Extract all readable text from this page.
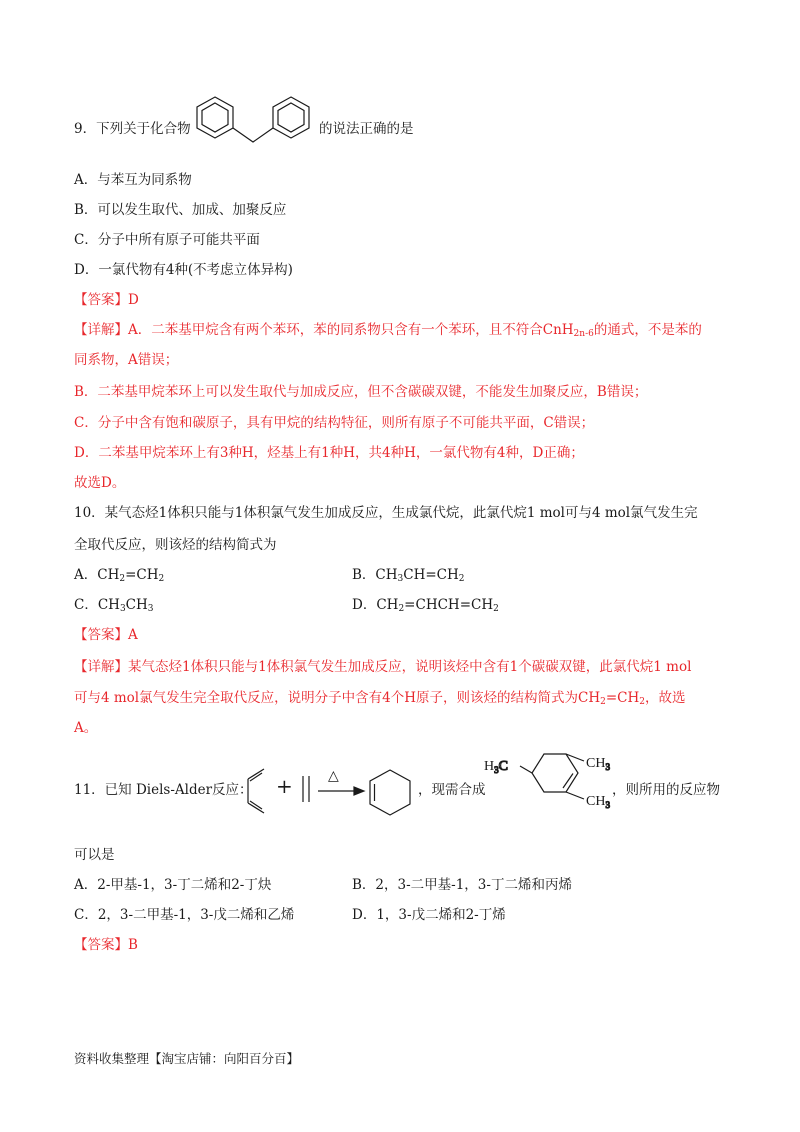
9．下列关于化合物	的说法正确的是
A．与苯互为同系物
B．可以发生取代、加成、加聚反应
C．分子中所有原子可能共平面
D．一氯代物有4种(不考虑立体异构)
【答案】D
【详解】A．二苯基甲烷含有两个苯环，苯的同系物只含有一个苯环，且不符合CnH$_{2n-6}$的通式，不是苯的
同系物，A错误；
B．二苯基甲烷苯环上可以发生取代与加成反应，但不含碳碳双键，不能发生加聚反应，B错误；
C．分子中含有饱和碳原子，具有甲烷的结构特征，则所有原子不可能共平面，C错误；
D．二苯基甲烷苯环上有3种H，烃基上有1种H，共4种H，一氯代物有4种，D正确；
故选D。
10．某气态烃1体积只能与1体积氯气发生加成反应，生成氯代烷，此氯代烷1 mol可与4 mol氯气发生完
全取代反应，则该烃的结构简式为
A．$CH_2=CH_2$	B．$CH_3CH=CH_2$
C．$CH_3CH_3$	D．$CH_2=CHCH=CH_2$
【答案】A
【详解】某气态烃1体积只能与1体积氯气发生加成反应，说明该烃中含有1个碳碳双键，此氯代烷1 mol
可与4 mol氯气发生完全取代反应，说明分子中含有4个H原子，则该烃的结构简式为$CH_2=CH_2$，故选
A。
11．已知 Diels-Alder反应： +	△
，现需合成
$H_3C$	$CH_3$
$CH_3$
，则所用的反应物
可以是
A．2-甲基-1，3-丁二烯和2-丁炔	B．2，3-二甲基-1，3-丁二烯和丙烯
C．2，3-二甲基-1，3-戊二烯和乙烯	D．1，3-戊二烯和2-丁烯
【答案】B
资料收集整理【淘宝店铺：向阳百分百】
